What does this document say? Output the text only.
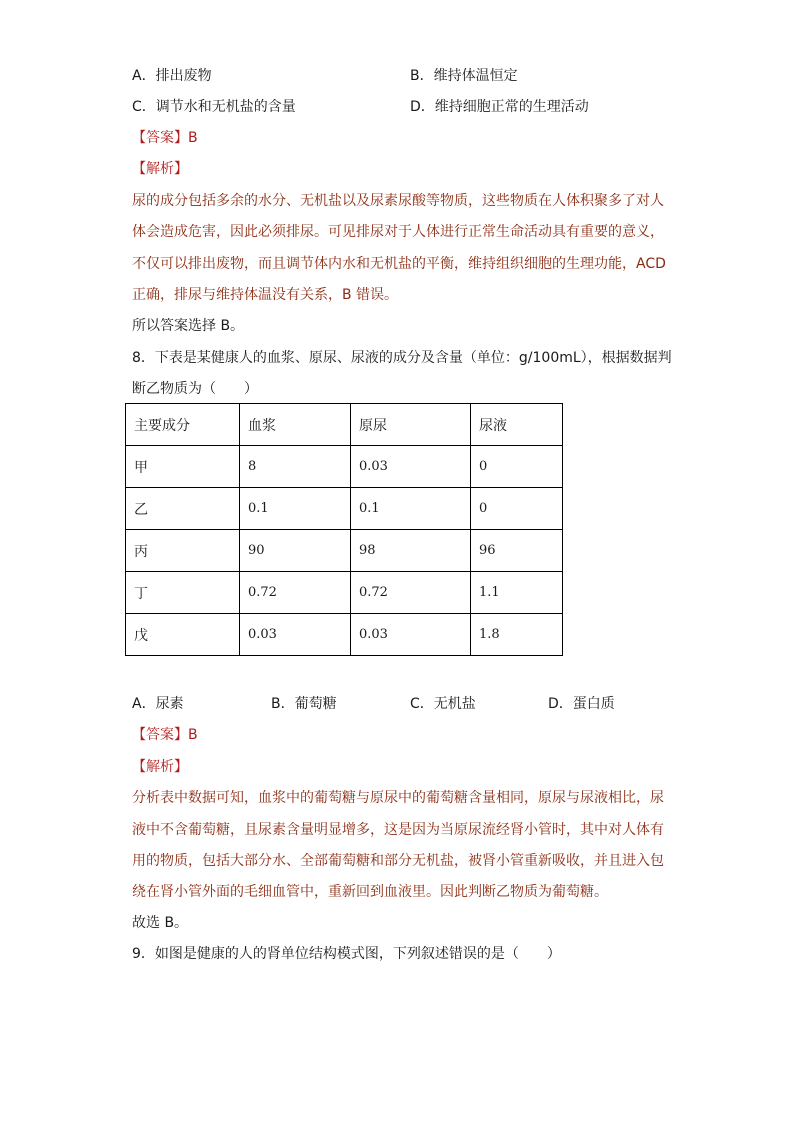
A．排出废物	B．维持体温恒定
C．调节水和无机盐的含量	D．维持细胞正常的生理活动
【答案】B
【解析】
尿的成分包括多余的水分、无机盐以及尿素尿酸等物质，这些物质在人体积聚多了对人
体会造成危害，因此必须排尿。可见排尿对于人体进行正常生命活动具有重要的意义，
不仅可以排出废物，而且调节体内水和无机盐的平衡，维持组织细胞的生理功能，ACD
正确，排尿与维持体温没有关系，B 错误。
所以答案选择 B。
8．下表是某健康人的血浆、原尿、尿液的成分及含量（单位：g/100mL），根据数据判
断乙物质为（　　）
主要成分	血浆	原尿	尿液
甲	8	0.03	0
乙	0.1	0.1	0
丙	90	98	96
丁	0.72	0.72	1.1
戊	0.03	0.03	1.8
A．尿素	B．葡萄糖	C．无机盐	D．蛋白质
【答案】B
【解析】
分析表中数据可知，血浆中的葡萄糖与原尿中的葡萄糖含量相同，原尿与尿液相比，尿
液中不含葡萄糖，且尿素含量明显增多，这是因为当原尿流经肾小管时，其中对人体有
用的物质，包括大部分水、全部葡萄糖和部分无机盐，被肾小管重新吸收，并且进入包
绕在肾小管外面的毛细血管中，重新回到血液里。因此判断乙物质为葡萄糖。
故选 B。
9．如图是健康的人的肾单位结构模式图，下列叙述错误的是（　　）
